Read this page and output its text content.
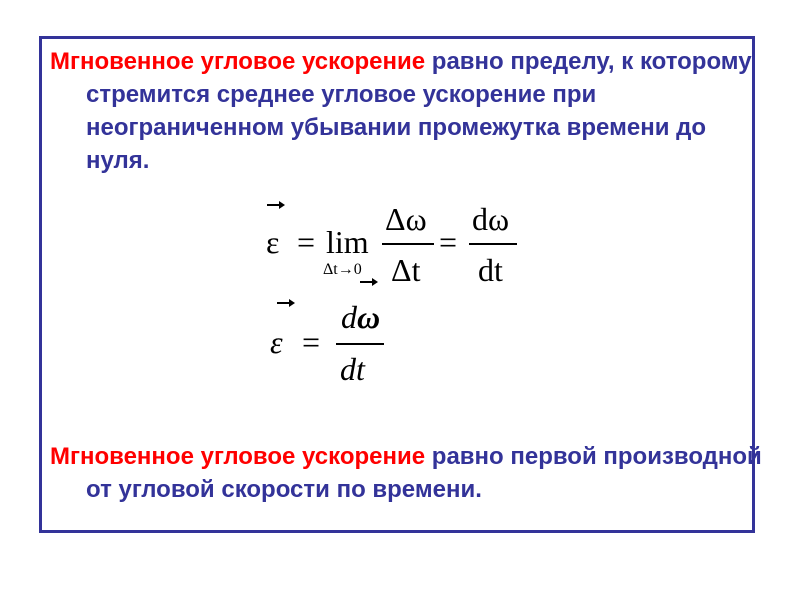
Мгновенное угловое ускорение равно пределу, к которому стремится среднее угловое ускорение при неограниченном убывании промежутка времени до нуля.

ε = lim
Δt→0
Δω
Δt
=
dω
dt
ε =
d ω
dt

Мгновенное угловое ускорение равно первой производной от угловой скорости по времени.
